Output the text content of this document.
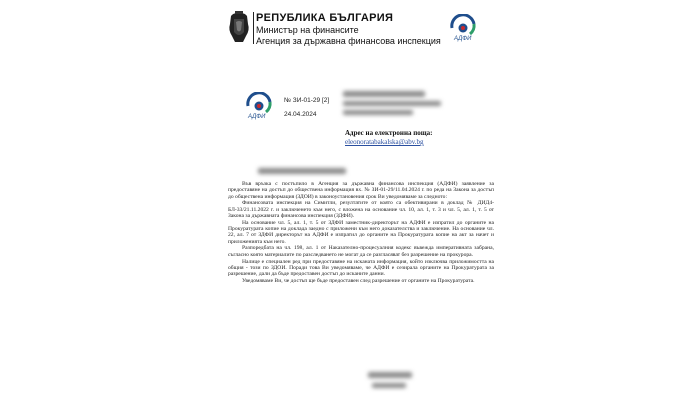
РЕПУБЛИКА БЪЛГАРИЯ
Министър на финансите
Агенция за държавна финансова инспекция АДФИ
АДФИ
№ ЗИ-01-29 [2]
24.04.2024
Адрес на електронна поща:
eleonoratabakalska@abv.bg

Във връзка с постъпило в Агенция за държавна финансова инспекция (АДФИ) заявление за предоставяне на достъп до обществена информация вх. № ЗИ-01-29/11.04.2024 г. по реда на Закона за достъп до обществена информация (ЗДОИ) в законоустановения срок Ви уведомяваме за следното:

Финансовата инспекция на Симитли, резултатите от която са обективирани в доклад № ДИД4-БЛ-33/21.11.2022 г. и заключенето към него, с вложена на основание чл. 10, ал. 1, т. 3 и чл. 5, ал. 1, т. 5 от Закона за държавната финансова инспекция (ЗДФИ).

На основание чл. 5, ал. 1, т. 5 от ЗДФИ заместник-директорът на АДФИ е изпратил до органите на Прокуратурата копие на доклада заедно с приложени към него доказателства и заключение. На основание чл. 22, ал. 7 от ЗДФИ директорът на АДФИ е изпратил до органите на Прокуратурата копие на акт за начет и приложенията към него.

Разпоредбата на чл. 198, ал. 1 от Наказателно-процесуалния кодекс въвежда императивната забрана, съгласно която материалите по разследването не могат да се разгласяват без разрешение на прокурора.

Налице е специален ред при предоставяне на исканата информация, който изключва приложимостта на общия - този по ЗДОИ. Поради това Ви уведомяваме, че АДФИ е сезирала органите на Прокуратурата за разрешение, дали да бъде предоставен достъп до исканите данни.

Уведомяваме Ви, че достъп ще бъде предоставен след разрешение от органите на Прокуратурата.
